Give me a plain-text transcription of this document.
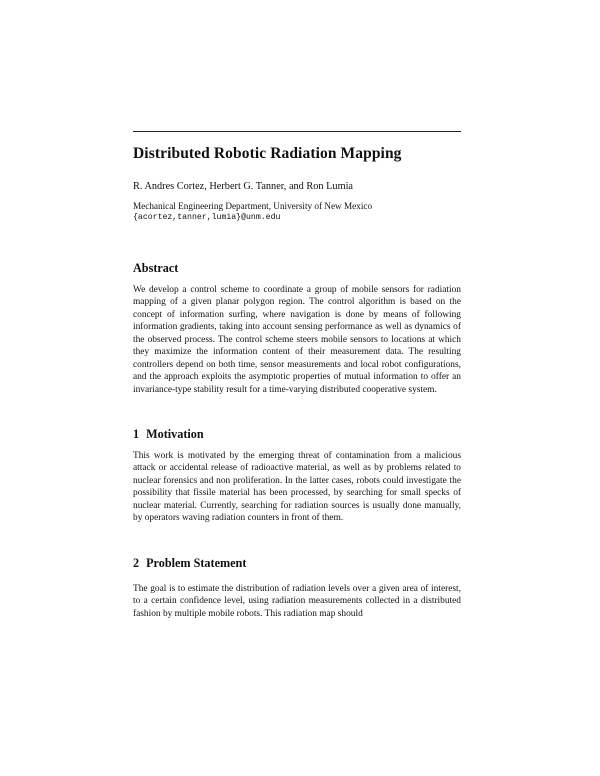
Distributed Robotic Radiation Mapping
R. Andres Cortez, Herbert G. Tanner, and Ron Lumia
Mechanical Engineering Department, University of New Mexico
{acortez,tanner,lumia}@unm.edu
Abstract
We develop a control scheme to coordinate a group of mobile sensors for radiation mapping of a given planar polygon region. The control algorithm is based on the concept of information surfing, where navigation is done by means of following information gradients, taking into account sensing performance as well as dynamics of the observed process. The control scheme steers mobile sensors to locations at which they maximize the information content of their measurement data. The resulting controllers depend on both time, sensor measurements and local robot configurations, and the approach exploits the asymptotic properties of mutual information to offer an invariance-type stability result for a time-varying distributed cooperative system.
1 Motivation
This work is motivated by the emerging threat of contamination from a malicious attack or accidental release of radioactive material, as well as by problems related to nuclear forensics and non proliferation. In the latter cases, robots could investigate the possibility that fissile material has been processed, by searching for small specks of nuclear material. Currently, searching for radiation sources is usually done manually, by operators waving radiation counters in front of them.
2 Problem Statement
The goal is to estimate the distribution of radiation levels over a given area of interest, to a certain confidence level, using radiation measurements collected in a distributed fashion by multiple mobile robots. This radiation map should
